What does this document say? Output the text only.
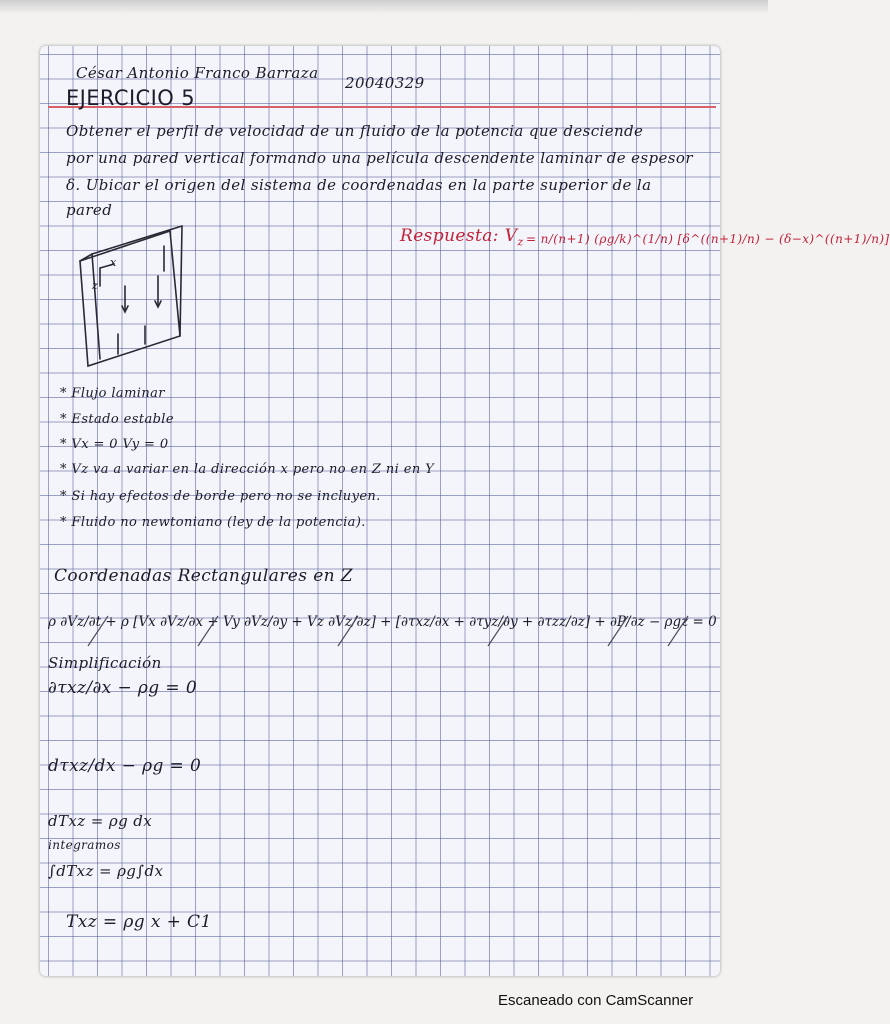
César Antonio Franco Barraza
20040329
EJERCICIO 5
Obtener el perfil de velocidad de un fluido de la potencia que desciende
por una pared vertical formando una película descendente laminar de espesor
δ. Ubicar el origen del sistema de coordenadas en la parte superior de la
pared
Respuesta: $V_z = n/(n+1)$ (ρg/k)^(1/n) [δ^((n+1)/n) − (δ−x)^((n+1)/n)]
x
z
* Flujo laminar
* Estado estable
* Vx = 0 Vy = 0
* Vz va a variar en la dirección x pero no en Z ni en Y
* Si hay efectos de borde pero no se incluyen.
* Fluido no newtoniano (ley de la potencia).
Coordenadas Rectangulares en Z
ρ ∂Vz/∂t + ρ [Vx ∂Vz/∂x + Vy ∂Vz/∂y + Vz ∂Vz/∂z] + [∂τxz/∂x + ∂τyz/∂y + ∂τzz/∂z] + ∂P/∂z − ρgz = 0
Simplificación
∂τxz/∂x − ρg = 0
dτxz/dx − ρg = 0
dTxz = ρg dx
integramos
∫dTxz = ρg∫dx
Txz = ρg x + C1
Escaneado con CamScanner
